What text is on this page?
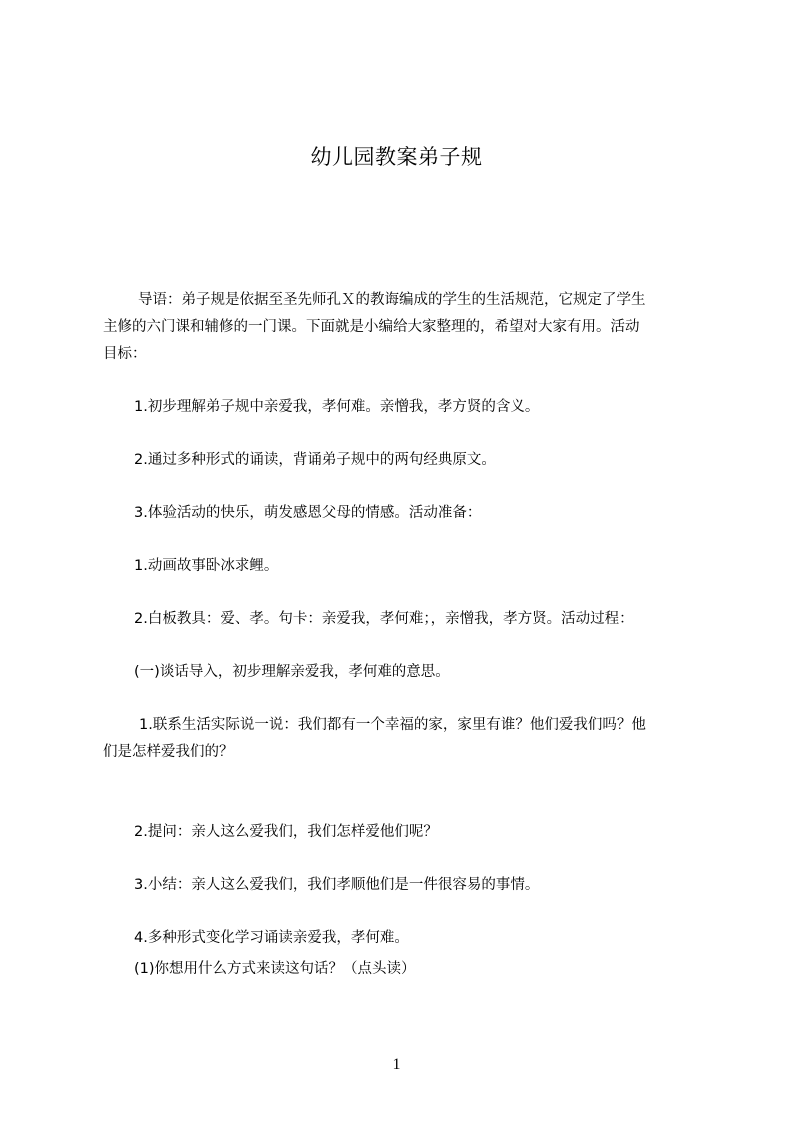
幼儿园教案弟子规
导语：弟子规是依据至圣先师孔Ｘ的教诲编成的学生的生活规范，它规定了学生
主修的六门课和辅修的一门课。下面就是小编给大家整理的，希望对大家有用。活动
目标：
1.初步理解弟子规中亲爱我，孝何难。亲憎我，孝方贤的含义。
2.通过多种形式的诵读，背诵弟子规中的两句经典原文。
3.体验活动的快乐，萌发感恩父母的情感。活动准备：
1.动画故事卧冰求鲤。
2.白板教具：爱、孝。句卡：亲爱我，孝何难；，亲憎我，孝方贤。活动过程：
(一)谈话导入，初步理解亲爱我，孝何难的意思。
1.联系生活实际说一说：我们都有一个幸福的家，家里有谁？他们爱我们吗？他
们是怎样爱我们的？
2.提问：亲人这么爱我们，我们怎样爱他们呢？
3.小结：亲人这么爱我们，我们孝顺他们是一件很容易的事情。
4.多种形式变化学习诵读亲爱我，孝何难。
(1)你想用什么方式来读这句话？（点头读）
1
